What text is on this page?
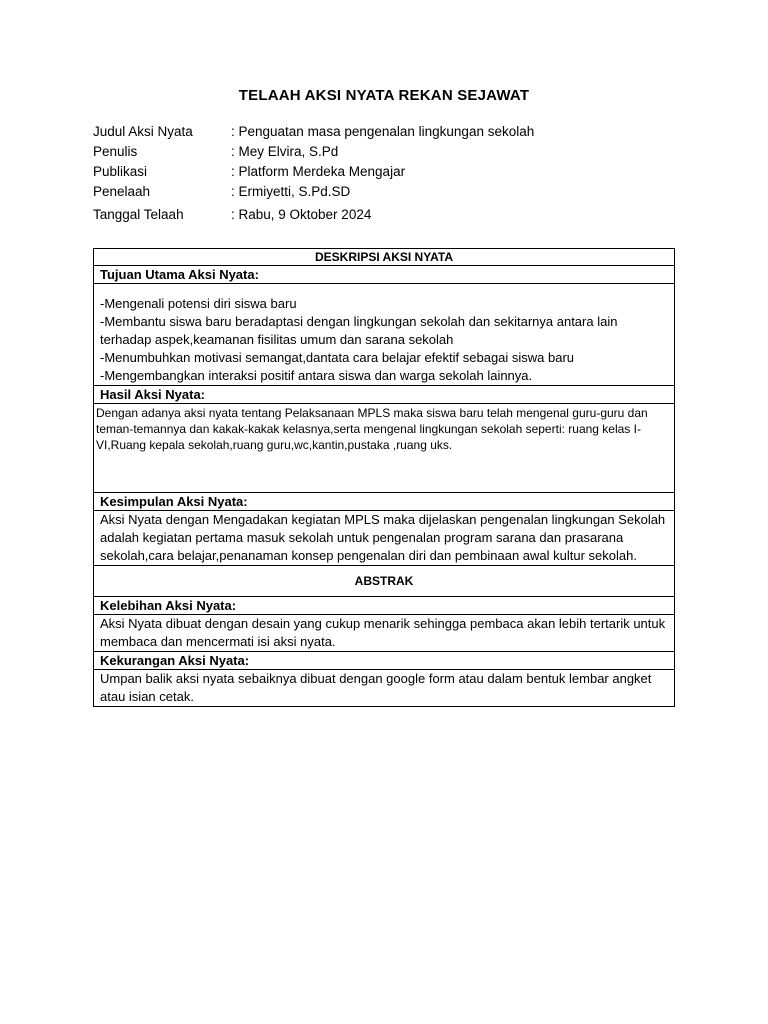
TELAAH AKSI NYATA REKAN SEJAWAT
Judul Aksi Nyata	: Penguatan masa pengenalan lingkungan sekolah
Penulis	: Mey Elvira, S.Pd
Publikasi	: Platform Merdeka Mengajar
Penelaah	: Ermiyetti, S.Pd.SD
Tanggal Telaah	: Rabu, 9 Oktober 2024
DESKRIPSI AKSI NYATA
Tujuan Utama Aksi Nyata:

-Mengenali potensi diri siswa baru
-Membantu siswa baru beradaptasi dengan lingkungan sekolah dan sekitarnya antara lain terhadap aspek,keamanan fisilitas umum dan sarana sekolah
-Menumbuhkan motivasi semangat,dantata cara belajar efektif sebagai siswa baru
-Mengembangkan interaksi positif antara siswa dan warga sekolah lainnya.

Hasil Aksi Nyata:
Dengan adanya aksi nyata tentang Pelaksanaan MPLS maka siswa baru telah mengenal guru-guru dan teman-temannya dan kakak-kakak kelasnya,serta mengenal lingkungan sekolah seperti: ruang kelas I-VI,Ruang kepala sekolah,ruang guru,wc,kantin,pustaka ,ruang uks.
Kesimpulan Aksi Nyata:
Aksi Nyata dengan Mengadakan kegiatan MPLS maka dijelaskan pengenalan lingkungan Sekolah adalah kegiatan pertama masuk sekolah untuk pengenalan program sarana dan prasarana sekolah,cara belajar,penanaman konsep pengenalan diri dan pembinaan awal kultur sekolah.
ABSTRAK
Kelebihan Aksi Nyata:
Aksi Nyata dibuat dengan desain yang cukup menarik sehingga pembaca akan lebih tertarik untuk membaca dan mencermati isi aksi nyata.
Kekurangan Aksi Nyata:
Umpan balik aksi nyata sebaiknya dibuat dengan google form atau dalam bentuk lembar angket atau isian cetak.
